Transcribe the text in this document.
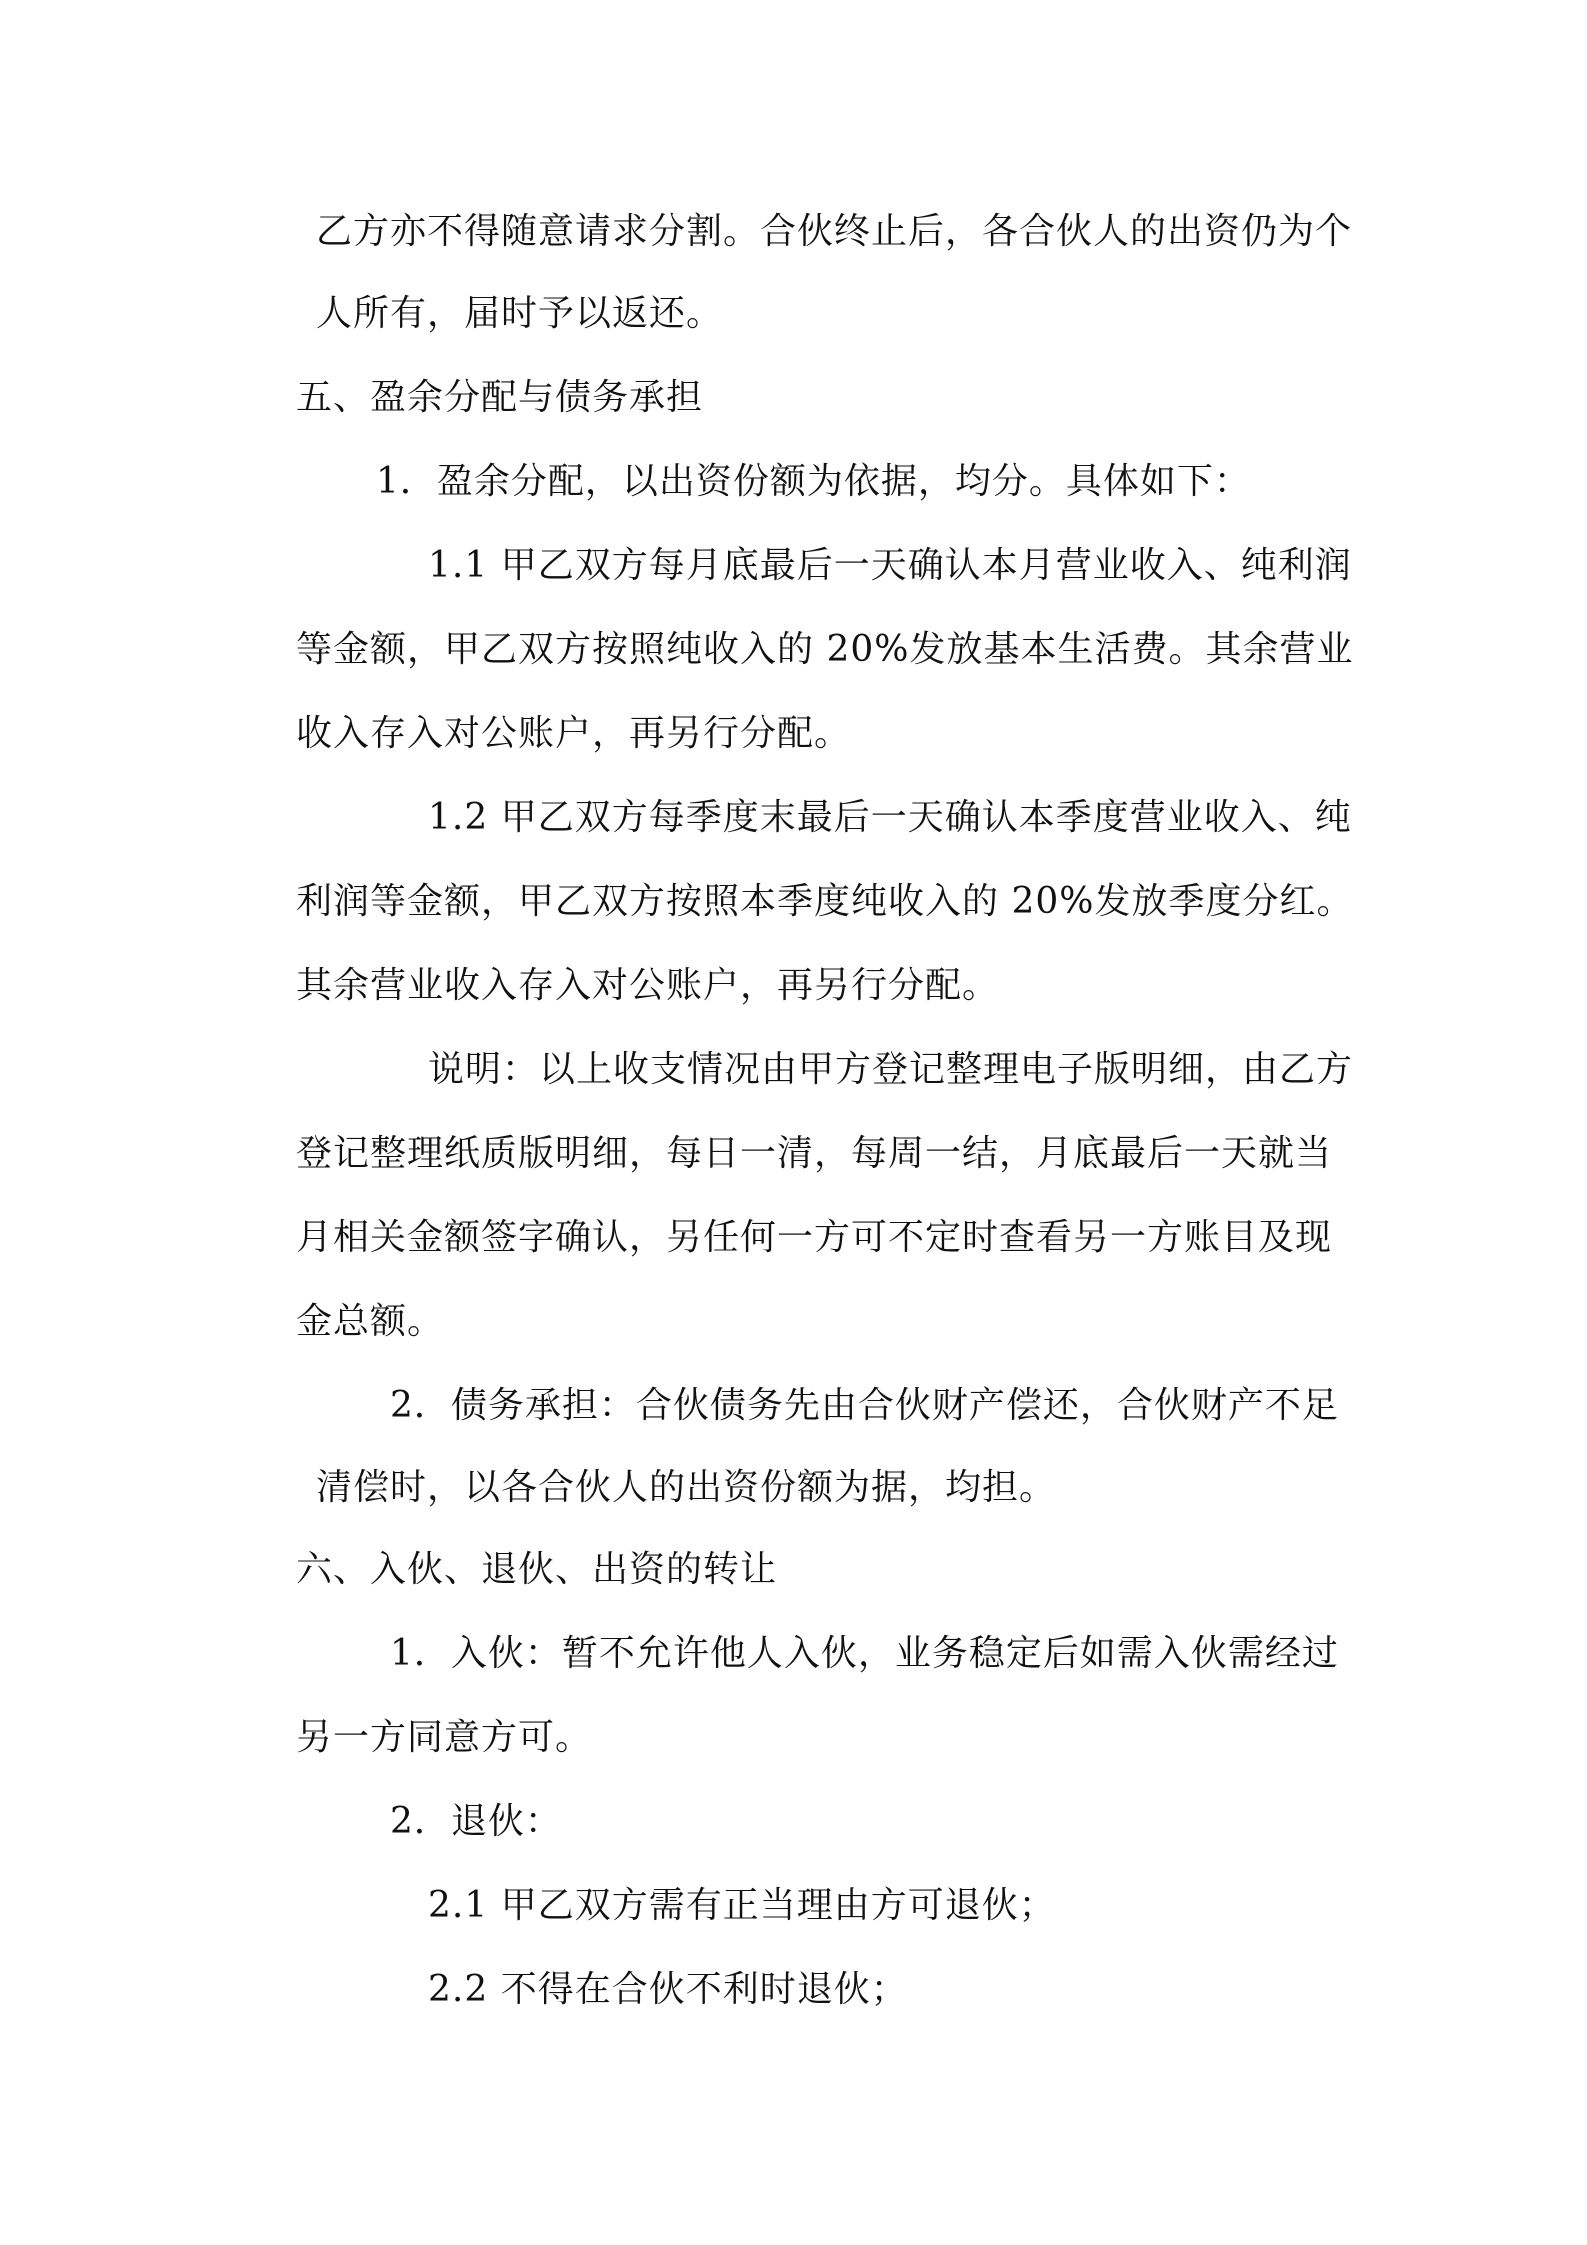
乙方亦不得随意请求分割。合伙终止后，各合伙人的出资仍为个
人所有，届时予以返还。
五、盈余分配与债务承担
1．盈余分配，以出资份额为依据，均分。具体如下：
1.1 甲乙双方每月底最后一天确认本月营业收入、纯利润
等金额，甲乙双方按照纯收入的 20%发放基本生活费。其余营业
收入存入对公账户，再另行分配。
1.2 甲乙双方每季度末最后一天确认本季度营业收入、纯
利润等金额，甲乙双方按照本季度纯收入的 20%发放季度分红。
其余营业收入存入对公账户，再另行分配。
说明：以上收支情况由甲方登记整理电子版明细，由乙方
登记整理纸质版明细，每日一清，每周一结，月底最后一天就当
月相关金额签字确认，另任何一方可不定时查看另一方账目及现
金总额。
2．债务承担：合伙债务先由合伙财产偿还，合伙财产不足
清偿时，以各合伙人的出资份额为据，均担。
六、入伙、退伙、出资的转让
1．入伙：暂不允许他人入伙，业务稳定后如需入伙需经过
另一方同意方可。
2．退伙：
2.1 甲乙双方需有正当理由方可退伙；
2.2 不得在合伙不利时退伙；
